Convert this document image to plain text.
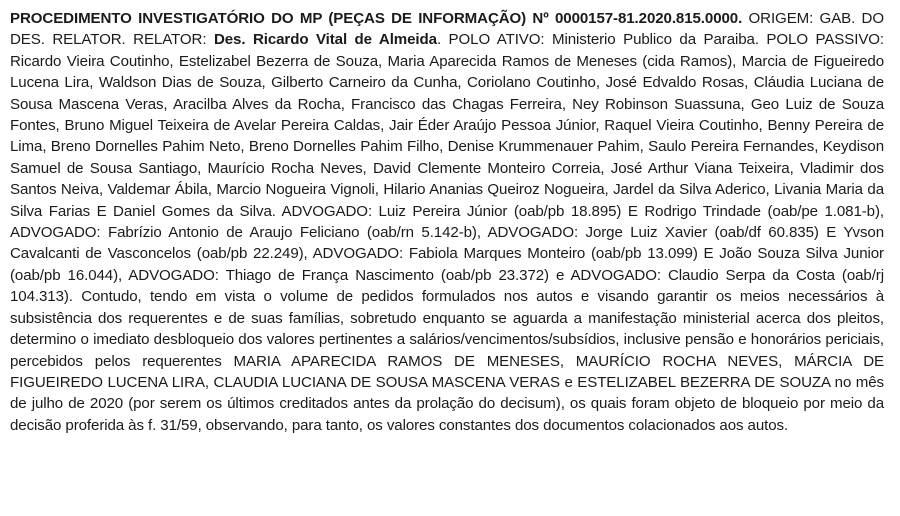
PROCEDIMENTO INVESTIGATÓRIO DO MP (PEÇAS DE INFORMAÇÃO) Nº 0000157-81.2020.815.0000. ORIGEM: GAB. DO DES. RELATOR. RELATOR: Des. Ricardo Vital de Almeida. POLO ATIVO: Ministerio Publico da Paraiba. POLO PASSIVO: Ricardo Vieira Coutinho, Estelizabel Bezerra de Souza, Maria Aparecida Ramos de Meneses (cida Ramos), Marcia de Figueiredo Lucena Lira, Waldson Dias de Souza, Gilberto Carneiro da Cunha, Coriolano Coutinho, José Edvaldo Rosas, Cláudia Luciana de Sousa Mascena Veras, Aracilba Alves da Rocha, Francisco das Chagas Ferreira, Ney Robinson Suassuna, Geo Luiz de Souza Fontes, Bruno Miguel Teixeira de Avelar Pereira Caldas, Jair Éder Araújo Pessoa Júnior, Raquel Vieira Coutinho, Benny Pereira de Lima, Breno Dornelles Pahim Neto, Breno Dornelles Pahim Filho, Denise Krummenauer Pahim, Saulo Pereira Fernandes, Keydison Samuel de Sousa Santiago, Maurício Rocha Neves, David Clemente Monteiro Correia, José Arthur Viana Teixeira, Vladimir dos Santos Neiva, Valdemar Ábila, Marcio Nogueira Vignoli, Hilario Ananias Queiroz Nogueira, Jardel da Silva Aderico, Livania Maria da Silva Farias E Daniel Gomes da Silva. ADVOGADO: Luiz Pereira Júnior (oab/pb 18.895) E Rodrigo Trindade (oab/pe 1.081-b), ADVOGADO: Fabrízio Antonio de Araujo Feliciano (oab/rn 5.142-b), ADVOGADO: Jorge Luiz Xavier (oab/df 60.835) E Yvson Cavalcanti de Vasconcelos (oab/pb 22.249), ADVOGADO: Fabiola Marques Monteiro (oab/pb 13.099) E João Souza Silva Junior (oab/pb 16.044), ADVOGADO: Thiago de França Nascimento (oab/pb 23.372) e ADVOGADO: Claudio Serpa da Costa (oab/rj 104.313). Contudo, tendo em vista o volume de pedidos formulados nos autos e visando garantir os meios necessários à subsistência dos requerentes e de suas famílias, sobretudo enquanto se aguarda a manifestação ministerial acerca dos pleitos, determino o imediato desbloqueio dos valores pertinentes a salários/vencimentos/subsídios, inclusive pensão e honorários periciais, percebidos pelos requerentes MARIA APARECIDA RAMOS DE MENESES, MAURÍCIO ROCHA NEVES, MÁRCIA DE FIGUEIREDO LUCENA LIRA, CLAUDIA LUCIANA DE SOUSA MASCENA VERAS e ESTELIZABEL BEZERRA DE SOUZA no mês de julho de 2020 (por serem os últimos creditados antes da prolação do decisum), os quais foram objeto de bloqueio por meio da decisão proferida às f. 31/59, observando, para tanto, os valores constantes dos documentos colacionados aos autos.
